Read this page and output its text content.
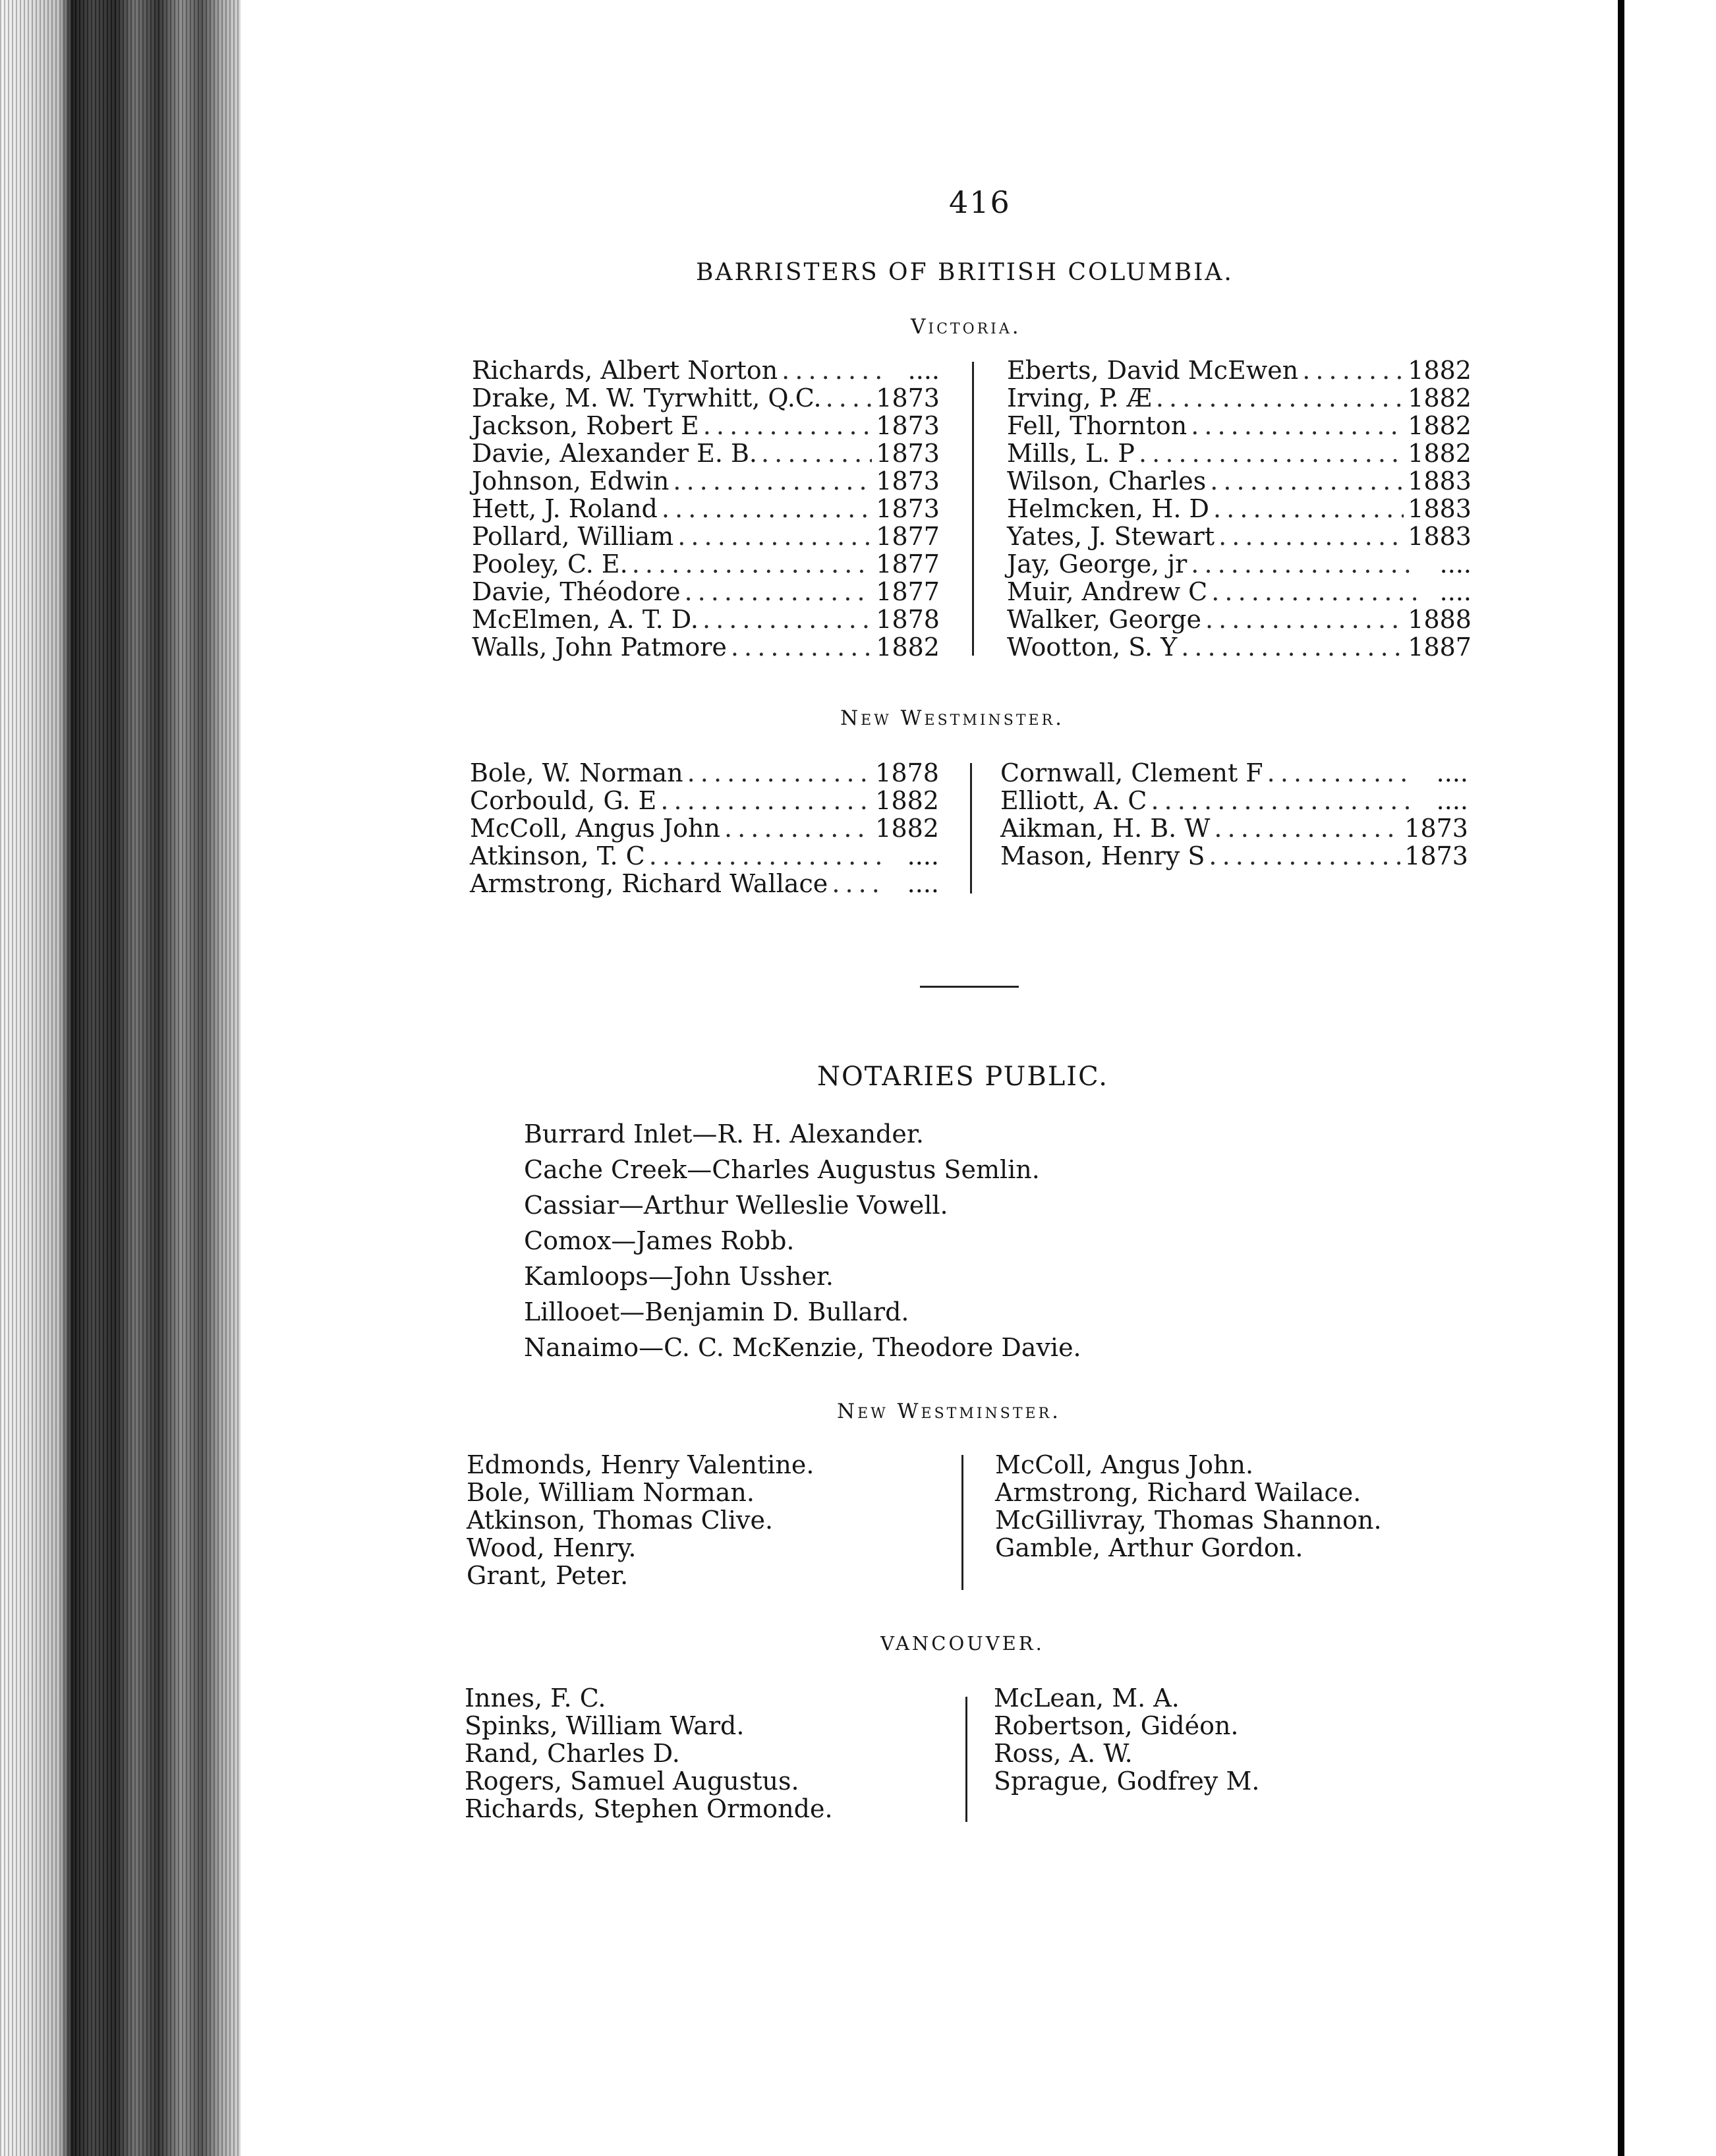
416
BARRISTERS OF BRITISH COLUMBIA.
Victoria.
Richards, Albert Norton . . .	....
Drake, M. W. Tyrwhitt, Q.C. . . . 1873
Jackson, Robert E . . .	1873
Davie, Alexander E. B. . . .	1873
Johnson, Edwin . . .	1873
Hett, J. Roland . . .	1873
Pollard, William . . .	1877
Pooley, C. E. . . .	1877
Davie, Théodore . . .	1877
McElmen, A. T. D. . . .	1878
Walls, John Patmore . . .	1882
Eberts, David McEwen . . .	1882
Irving, P. Æ . . .	1882
Fell, Thornton . . .	1882
Mills, L. P . . .	1882
Wilson, Charles . . .	1883
Helmcken, H. D . . .	1883
Yates, J. Stewart . . .	1883
Jay, George, jr . . .	....
Muir, Andrew C . . .	....
Walker, George . . .	1888
Wootton, S. Y . . .	1887
New Westminster.
Bole, W. Norman . . .	1878
Corbould, G. E . . .	1882
McColl, Angus John . . .	1882
Atkinson, T. C . . .	....
Armstrong, Richard Wallace . . .	....
Cornwall, Clement F . . .	....
Elliott, A. C . . .	....
Aikman, H. B. W . . .	1873
Mason, Henry S . . .	1873
NOTARIES PUBLIC.
Burrard Inlet—R. H. Alexander.
Cache Creek—Charles Augustus Semlin.
Cassiar—Arthur Welleslie Vowell.
Comox—James Robb.
Kamloops—John Ussher.
Lillooet—Benjamin D. Bullard.
Nanaimo—C. C. McKenzie, Theodore Davie.
New Westminster.
Edmonds, Henry Valentine.
Bole, William Norman.
Atkinson, Thomas Clive.
Wood, Henry.
Grant, Peter.
McColl, Angus John.
Armstrong, Richard Wailace.
McGillivray, Thomas Shannon.
Gamble, Arthur Gordon.
VANCOUVER.
Innes, F. C.
Spinks, William Ward.
Rand, Charles D.
Rogers, Samuel Augustus.
Richards, Stephen Ormonde.
McLean, M. A.
Robertson, Gidéon.
Ross, A. W.
Sprague, Godfrey M.
